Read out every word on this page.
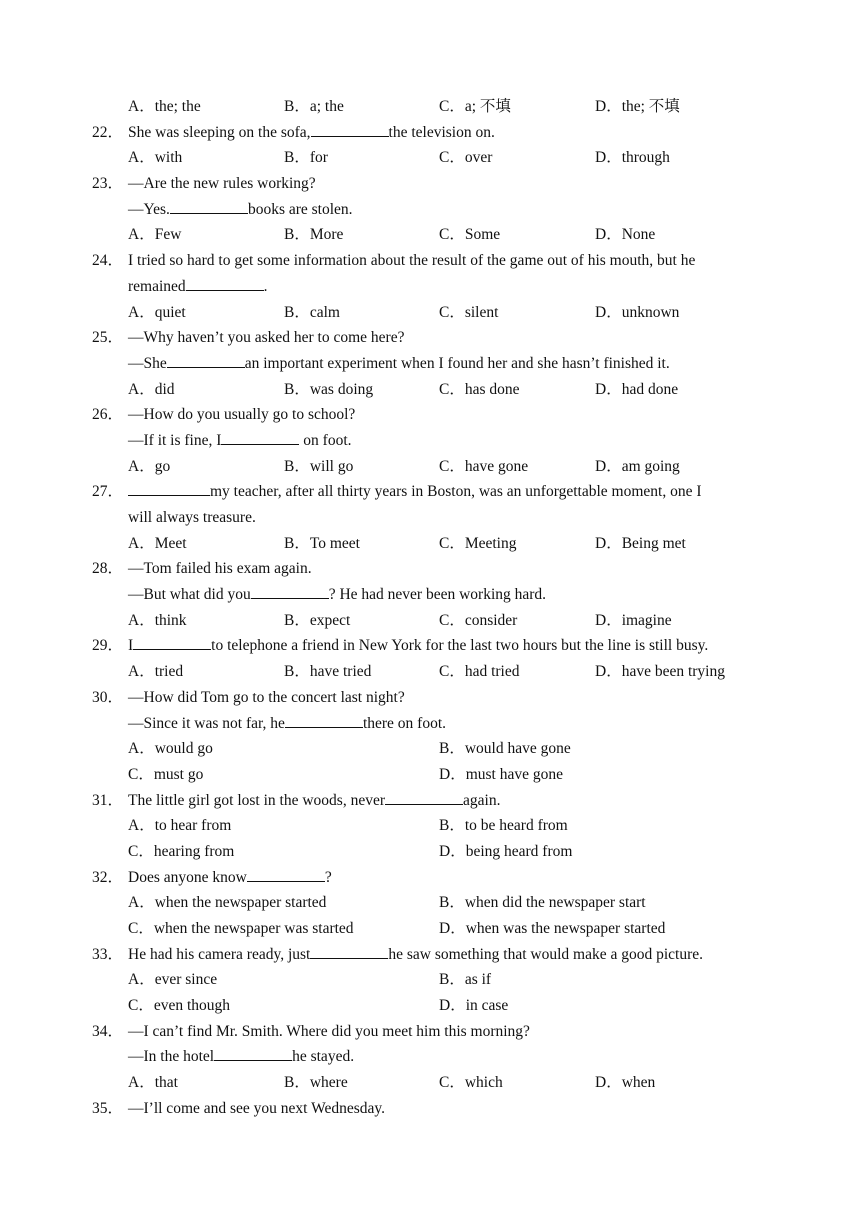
A．the; the	B．a; the	C．a; 不填	D．the; 不填
22． She was sleeping on the sofa,	the television on.
A．with	B．for	C．over	D．through
23． —Are the new rules working?
—Yes.	books are stolen.
A．Few	B．More	C．Some	D．None
24． I tried so hard to get some information about the result of the game out of his mouth, but he
remained	.
A．quiet	B．calm	C．silent	D．unknown
25． —Why haven’t you asked her to come here?
—She	an important experiment when I found her and she hasn’t finished it.
A．did	B．was doing	C．has done	D．had done
26． —How do you usually go to school?
—If it is fine, I	on foot.
A．go	B．will go	C．have gone	D．am going
27．	my teacher, after all thirty years in Boston, was an unforgettable moment, one I
will always treasure.
A．Meet	B．To meet	C．Meeting	D．Being met
28． —Tom failed his exam again.
—But what did you	? He had never been working hard.
A．think	B．expect	C．consider	D．imagine
29． I	to telephone a friend in New York for the last two hours but the line is still busy.
A．tried	B．have tried	C．had tried	D．have been trying
30． —How did Tom go to the concert last night?
—Since it was not far, he	there on foot.
A．would go	B．would have gone
C．must go	D．must have gone
31． The little girl got lost in the woods, never	again.
A．to hear from	B．to be heard from
C．hearing from	D．being heard from
32． Does anyone know	?
A．when the newspaper started	B．when did the newspaper start
C．when the newspaper was started	D．when was the newspaper started
33． He had his camera ready, just	he saw something that would make a good picture.
A．ever since	B．as if
C．even though	D．in case
34． —I can’t find Mr. Smith. Where did you meet him this morning?
—In the hotel	he stayed.
A．that	B．where	C．which	D．when
35． —I’ll come and see you next Wednesday.
